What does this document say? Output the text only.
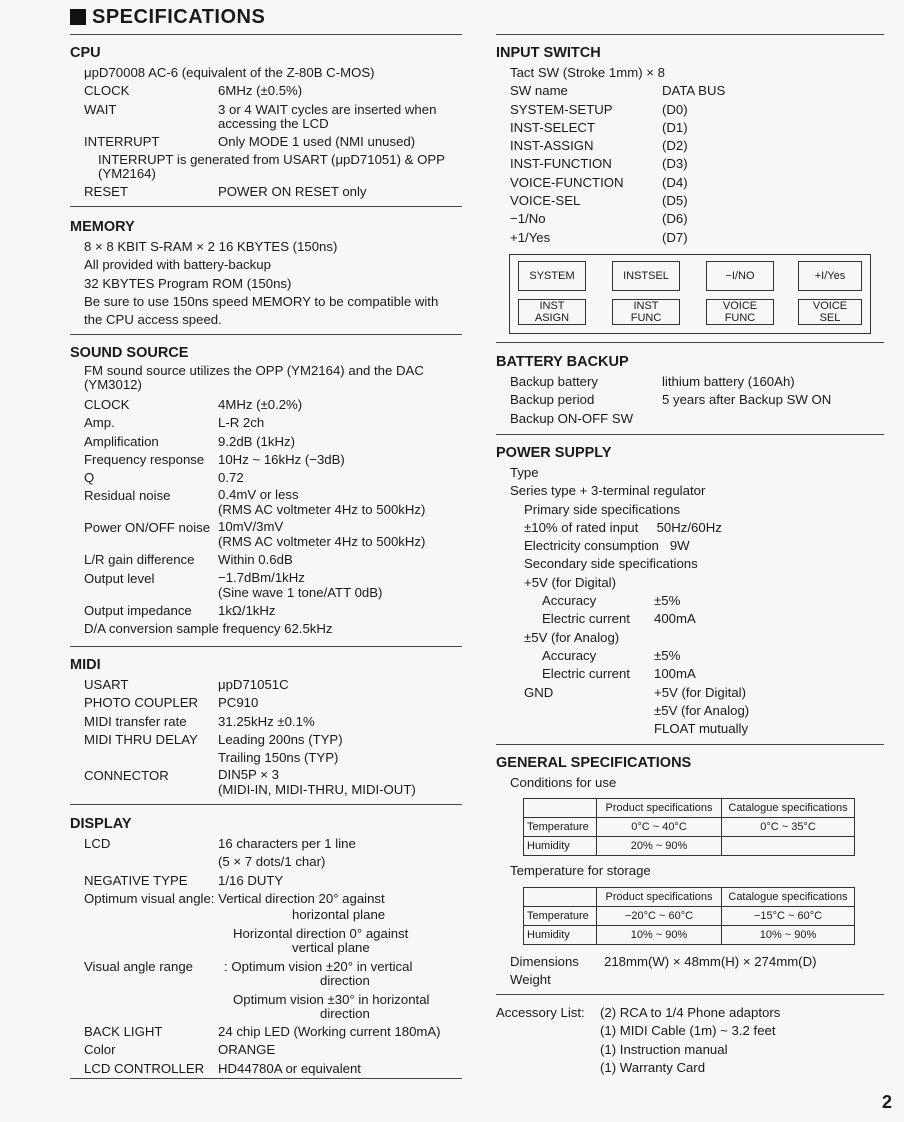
SPECIFICATIONS
CPU
μpD70008 AC-6 (equivalent of the Z-80B C-MOS)
CLOCK	6MHz (±0.5%)
WAIT	3 or 4 WAIT cycles are inserted when accessing the LCD
INTERRUPT	Only MODE 1 used (NMI unused)
INTERRUPT is generated from USART (μpD71051) & OPP (YM2164)
RESET	POWER ON RESET only
MEMORY
8 × 8 KBIT S-RAM × 2 16 KBYTES (150ns)
All provided with battery-backup
32 KBYTES Program ROM (150ns)
Be sure to use 150ns speed MEMORY to be compatible with
the CPU access speed.
SOUND SOURCE
FM sound source utilizes the OPP (YM2164) and the DAC (YM3012)
CLOCK	4MHz (±0.2%)
Amp.	L-R 2ch
Amplification	9.2dB (1kHz)
Frequency response	10Hz ~ 16kHz (−3dB)
Q	0.72
Residual noise	0.4mV or less
(RMS AC voltmeter 4Hz to 500kHz)
Power ON/OFF noise 10mV/3mV
(RMS AC voltmeter 4Hz to 500kHz)
L/R gain difference	Within 0.6dB
Output level	−1.7dBm/1kHz
(Sine wave 1 tone/ATT 0dB)
Output impedance	1kΩ/1kHz
D/A conversion sample frequency 62.5kHz
MIDI
USART	μpD71051C
PHOTO COUPLER	PC910
MIDI transfer rate	31.25kHz ±0.1%
MIDI THRU DELAY	Leading 200ns (TYP)
Trailing 150ns (TYP)
CONNECTOR	DIN5P × 3
(MIDI-IN, MIDI-THRU, MIDI-OUT)
DISPLAY
LCD	16 characters per 1 line
(5 × 7 dots/1 char)
NEGATIVE TYPE	1/16 DUTY
Optimum visual angle: Vertical direction 20° against
horizontal plane
Horizontal direction 0° against
vertical plane
Visual angle range	: Optimum vision ±20° in vertical
direction
Optimum vision ±30° in horizontal
direction
BACK LIGHT	24 chip LED (Working current 180mA)
Color	ORANGE
LCD CONTROLLER	HD44780A or equivalent
INPUT SWITCH
Tact SW (Stroke 1mm) × 8
SW name	DATA BUS
SYSTEM-SETUP	(D0)
INST-SELECT	(D1)
INST-ASSIGN	(D2)
INST-FUNCTION	(D3)
VOICE-FUNCTION	(D4)
VOICE-SEL	(D5)
−1/No	(D6)
+1/Yes	(D7)
SYSTEM	INSTSEL	−I/NO	+I/Yes
INST
ASIGN
INST
FUNC
VOICE
FUNC
VOICE
SEL
BATTERY BACKUP
Backup battery	lithium battery (160Ah)
Backup period	5 years after Backup SW ON
Backup ON-OFF SW
POWER SUPPLY
Type
Series type + 3-terminal regulator
Primary side specifications
±10% of rated input     50Hz/60Hz
Electricity consumption   9W
Secondary side specifications
+5V (for Digital)
Accuracy	±5%
Electric current	400mA
±5V (for Analog)
Accuracy	±5%
Electric current	100mA
GND	+5V (for Digital)
±5V (for Analog)
FLOAT mutually
GENERAL SPECIFICATIONS
Conditions for use
	Product specifications	Catalogue specifications
Temperature	0°C ~ 40°C	0°C ~ 35°C
Humidity	20% ~ 90%	
Temperature for storage
	Product specifications	Catalogue specifications
Temperature	−20°C ~ 60°C	−15°C ~ 60°C
Humidity	10% ~ 90%	10% ~ 90%
Dimensions	218mm(W) × 48mm(H) × 274mm(D)
Weight
Accessory List:	(2) RCA to 1/4 Phone adaptors
(1) MIDI Cable (1m) ~ 3.2 feet
(1) Instruction manual
(1) Warranty Card
2
